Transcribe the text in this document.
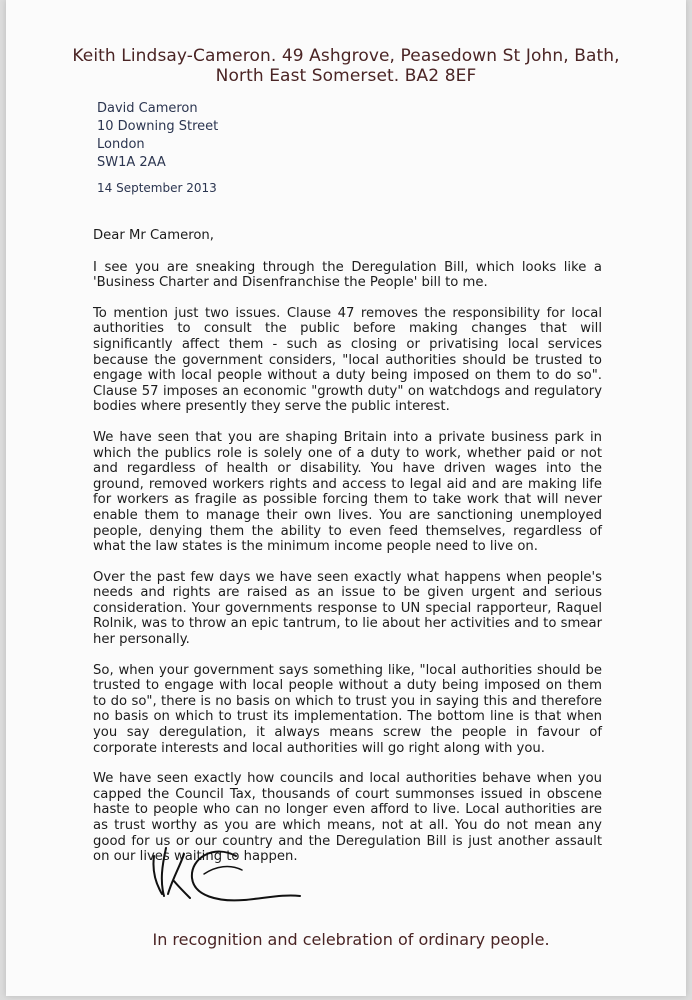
Keith Lindsay-Cameron. 49 Ashgrove, Peasedown St John, Bath,
North East Somerset. BA2 8EF
David Cameron
10 Downing Street
London
SW1A 2AA
14 September 2013

Dear Mr Cameron,

I see you are sneaking through the Deregulation Bill, which looks like a 'Business Charter and Disenfranchise the People' bill to me.

To mention just two issues. Clause 47 removes the responsibility for local authorities to consult the public before making changes that will significantly affect them - such as closing or privatising local services because the government considers, "local authorities should be trusted to engage with local people without a duty being imposed on them to do so". Clause 57 imposes an economic "growth duty" on watchdogs and regulatory bodies where presently they serve the public interest.

We have seen that you are shaping Britain into a private business park in which the publics role is solely one of a duty to work, whether paid or not and regardless of health or disability. You have driven wages into the ground, removed workers rights and access to legal aid and are making life for workers as fragile as possible forcing them to take work that will never enable them to manage their own lives. You are sanctioning unemployed people, denying them the ability to even feed themselves, regardless of what the law states is the minimum income people need to live on.

Over the past few days we have seen exactly what happens when people's needs and rights are raised as an issue to be given urgent and serious consideration. Your governments response to UN special rapporteur, Raquel Rolnik, was to throw an epic tantrum, to lie about her activities and to smear her personally.

So, when your government says something like, "local authorities should be trusted to engage with local people without a duty being imposed on them to do so", there is no basis on which to trust you in saying this and therefore no basis on which to trust its implementation. The bottom line is that when you say deregulation, it always means screw the people in favour of corporate interests and local authorities will go right along with you.

We have seen exactly how councils and local authorities behave when you capped the Council Tax, thousands of court summonses issued in obscene haste to people who can no longer even afford to live. Local authorities are as trust worthy as you are which means, not at all. You do not mean any good for us or our country and the Deregulation Bill is just another assault on our lives waiting to happen.

In recognition and celebration of ordinary people.
